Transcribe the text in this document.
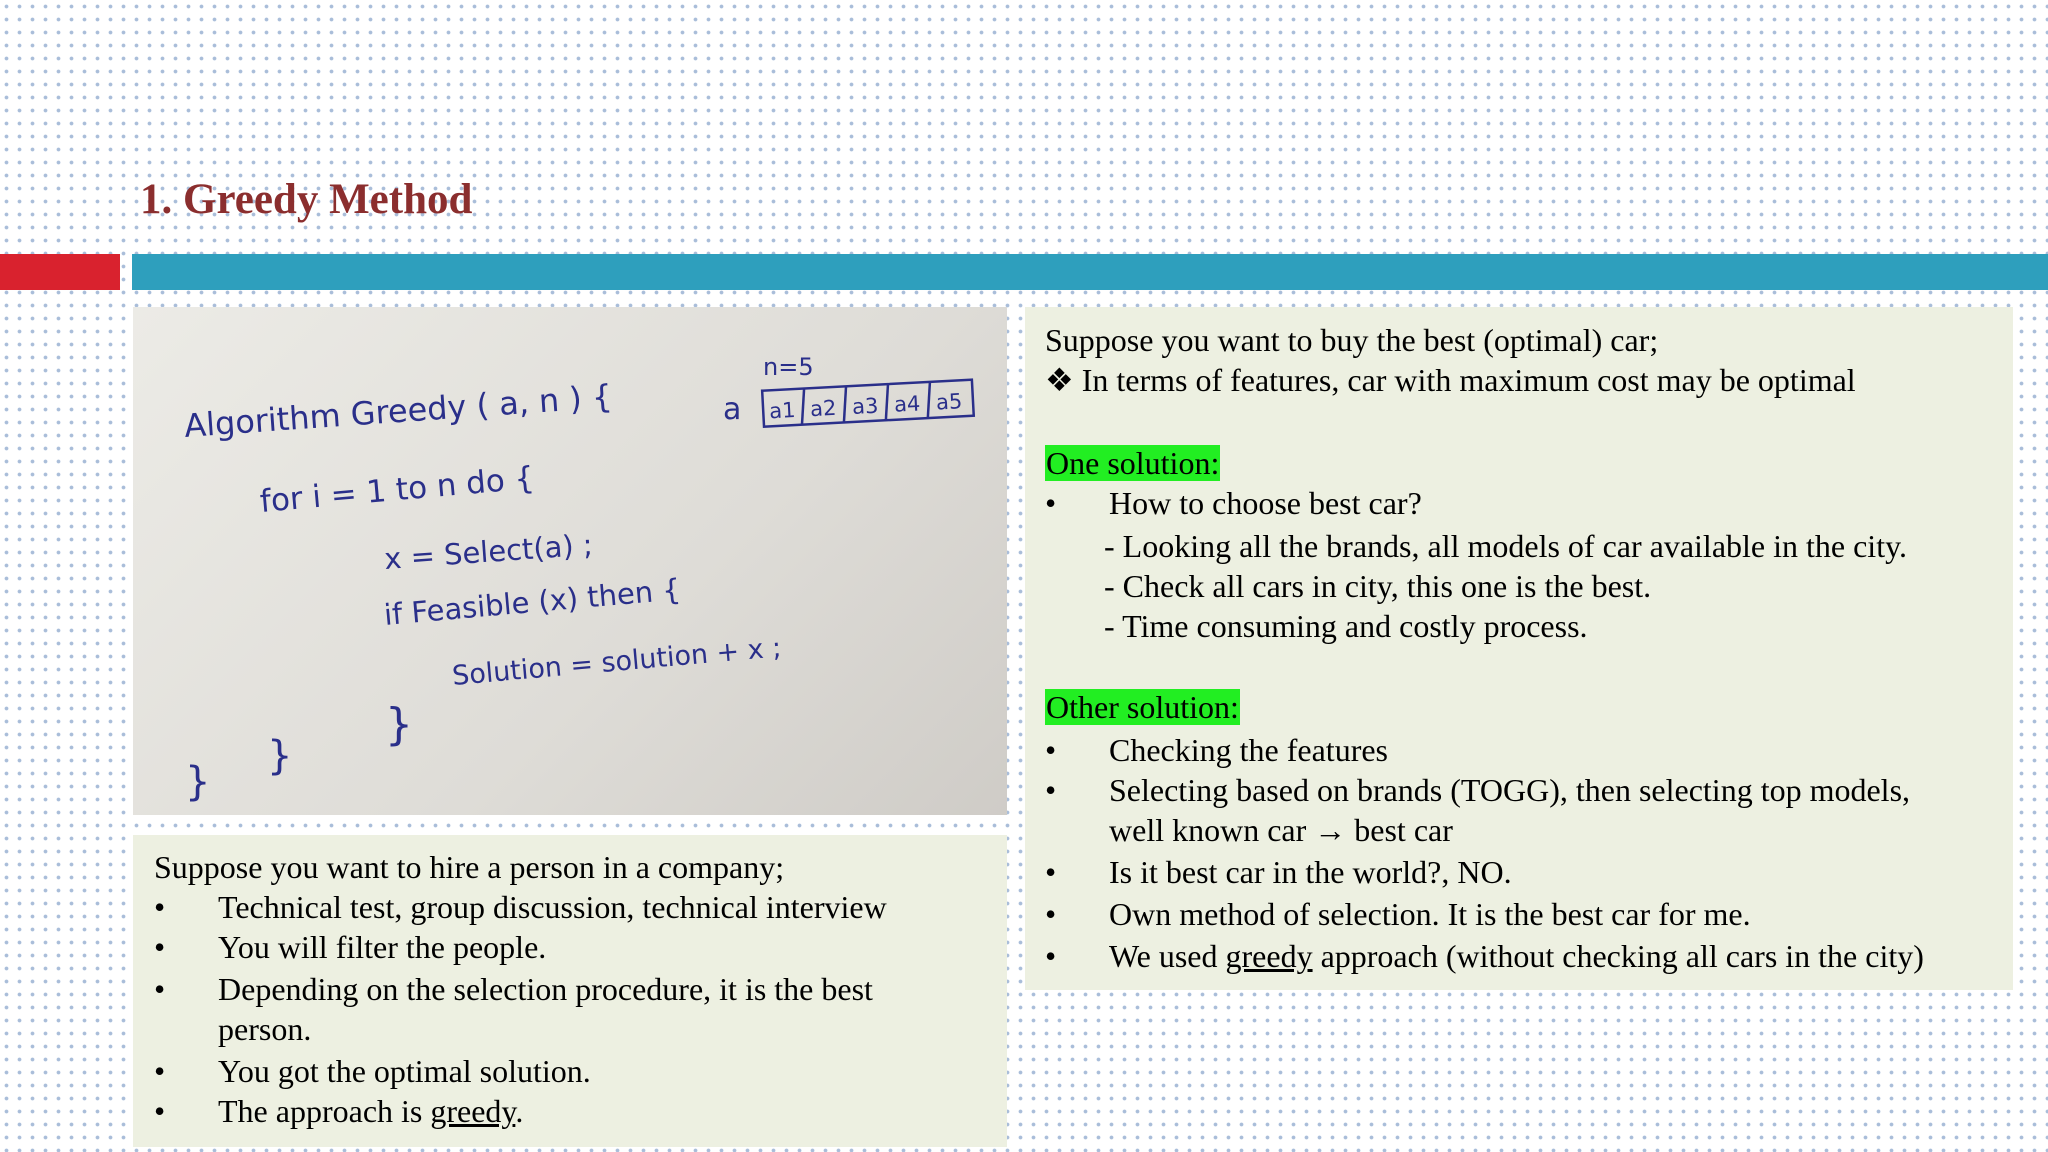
1. Greedy Method
n=5
a a1 a2 a3 a4 a5
Algorithm Greedy ( a, n ) {
for i = 1 to n do {
x = Select(a) ;
if Feasible (x) then {
Solution = solution + x ;
}
}
}
Suppose you want to hire a person in a company;
•	Technical test, group discussion, technical interview
•	You will filter the people.
•	Depending on the selection procedure, it is the best
person.
•	You got the optimal solution.
•	The approach is greedy.
Suppose you want to buy the best (optimal) car;
❖ In terms of features, car with maximum cost may be optimal
One solution:
•	How to choose best car?
- Looking all the brands, all models of car available in the city.
- Check all cars in city, this one is the best.
- Time consuming and costly process.
Other solution:
•	Checking the features
•	Selecting based on brands (TOGG), then selecting top models,
well known car → best car
•	Is it best car in the world?, NO.
•	Own method of selection. It is the best car for me.
•	We used greedy approach (without checking all cars in the city)
